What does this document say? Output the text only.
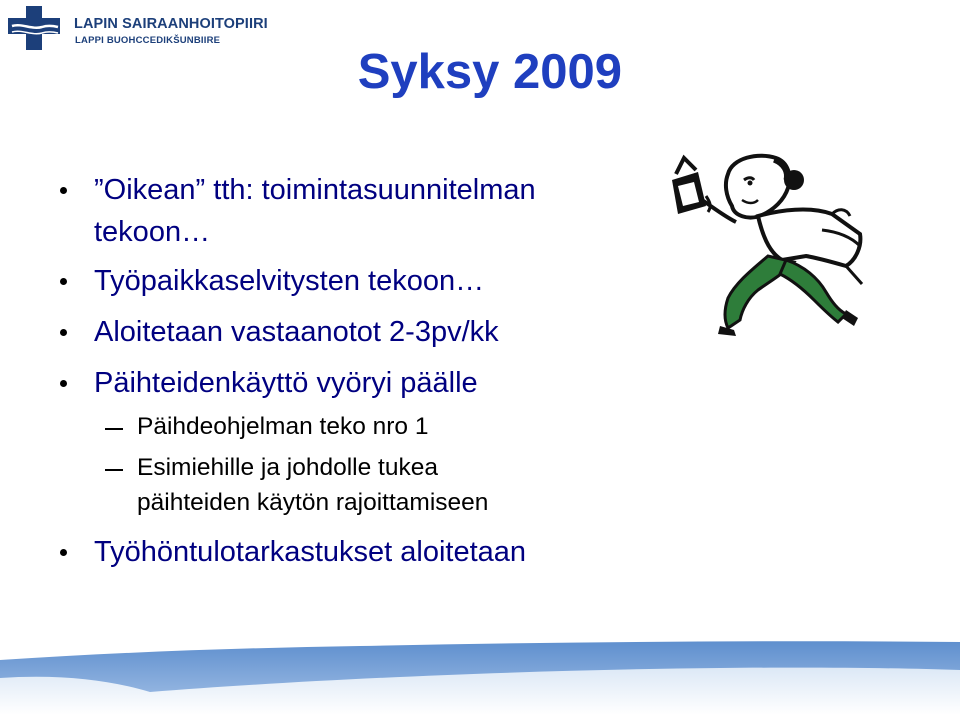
LAPIN SAIRAANHOITOPIIRI
LAPPI BUOHCCEDIKŠUNBIIRE
Syksy 2009
”Oikean” tth: toimintasuunnitelman
tekoon…
Työpaikkaselvitysten tekoon…
Aloitetaan vastaanotot 2-3pv/kk
Päihteidenkäyttö vyöryi päälle
Päihdeohjelman teko nro 1
Esimiehille ja johdolle tukea
päihteiden käytön rajoittamiseen
Työhöntulotarkastukset aloitetaan
